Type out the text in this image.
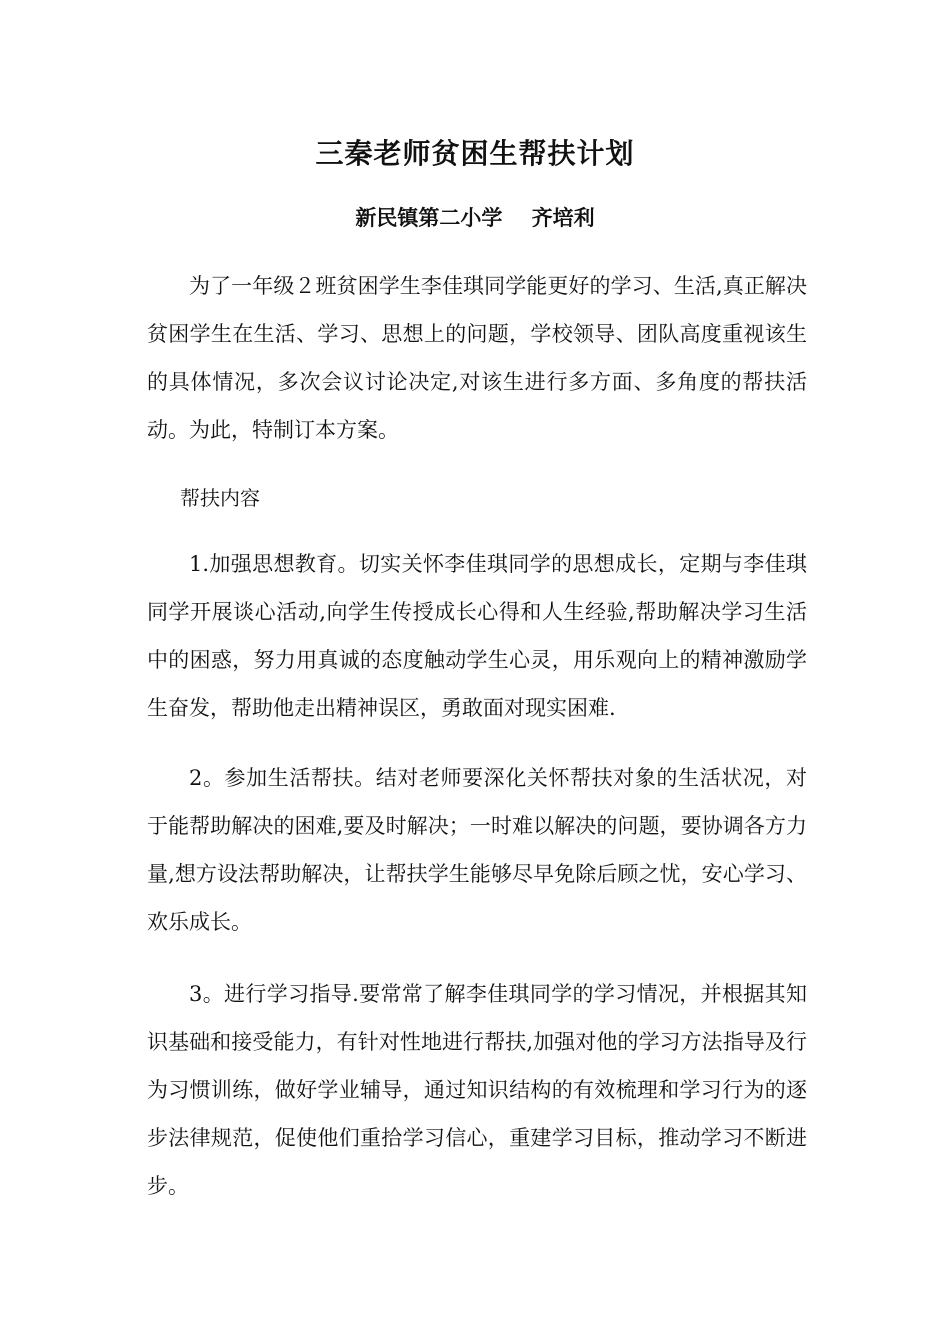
三秦老师贫困生帮扶计划

新民镇第二小学    齐培利

为了一年级２班贫困学生李佳琪同学能更好的学习、生活,真正解决贫困学生在生活、学习、思想上的问题，学校领导、团队高度重视该生的具体情况，多次会议讨论决定,对该生进行多方面、多角度的帮扶活动。为此，特制订本方案。

帮扶内容

1.加强思想教育。切实关怀李佳琪同学的思想成长，定期与李佳琪同学开展谈心活动,向学生传授成长心得和人生经验,帮助解决学习生活中的困惑，努力用真诚的态度触动学生心灵，用乐观向上的精神激励学生奋发，帮助他走出精神误区，勇敢面对现实困难.

2。参加生活帮扶。结对老师要深化关怀帮扶对象的生活状况，对于能帮助解决的困难,要及时解决；一时难以解决的问题，要协调各方力量,想方设法帮助解决，让帮扶学生能够尽早免除后顾之忧，安心学习、欢乐成长。

3。进行学习指导.要常常了解李佳琪同学的学习情况，并根据其知识基础和接受能力，有针对性地进行帮扶,加强对他的学习方法指导及行为习惯训练，做好学业辅导，通过知识结构的有效梳理和学习行为的逐步法律规范，促使他们重拾学习信心，重建学习目标，推动学习不断进步。
